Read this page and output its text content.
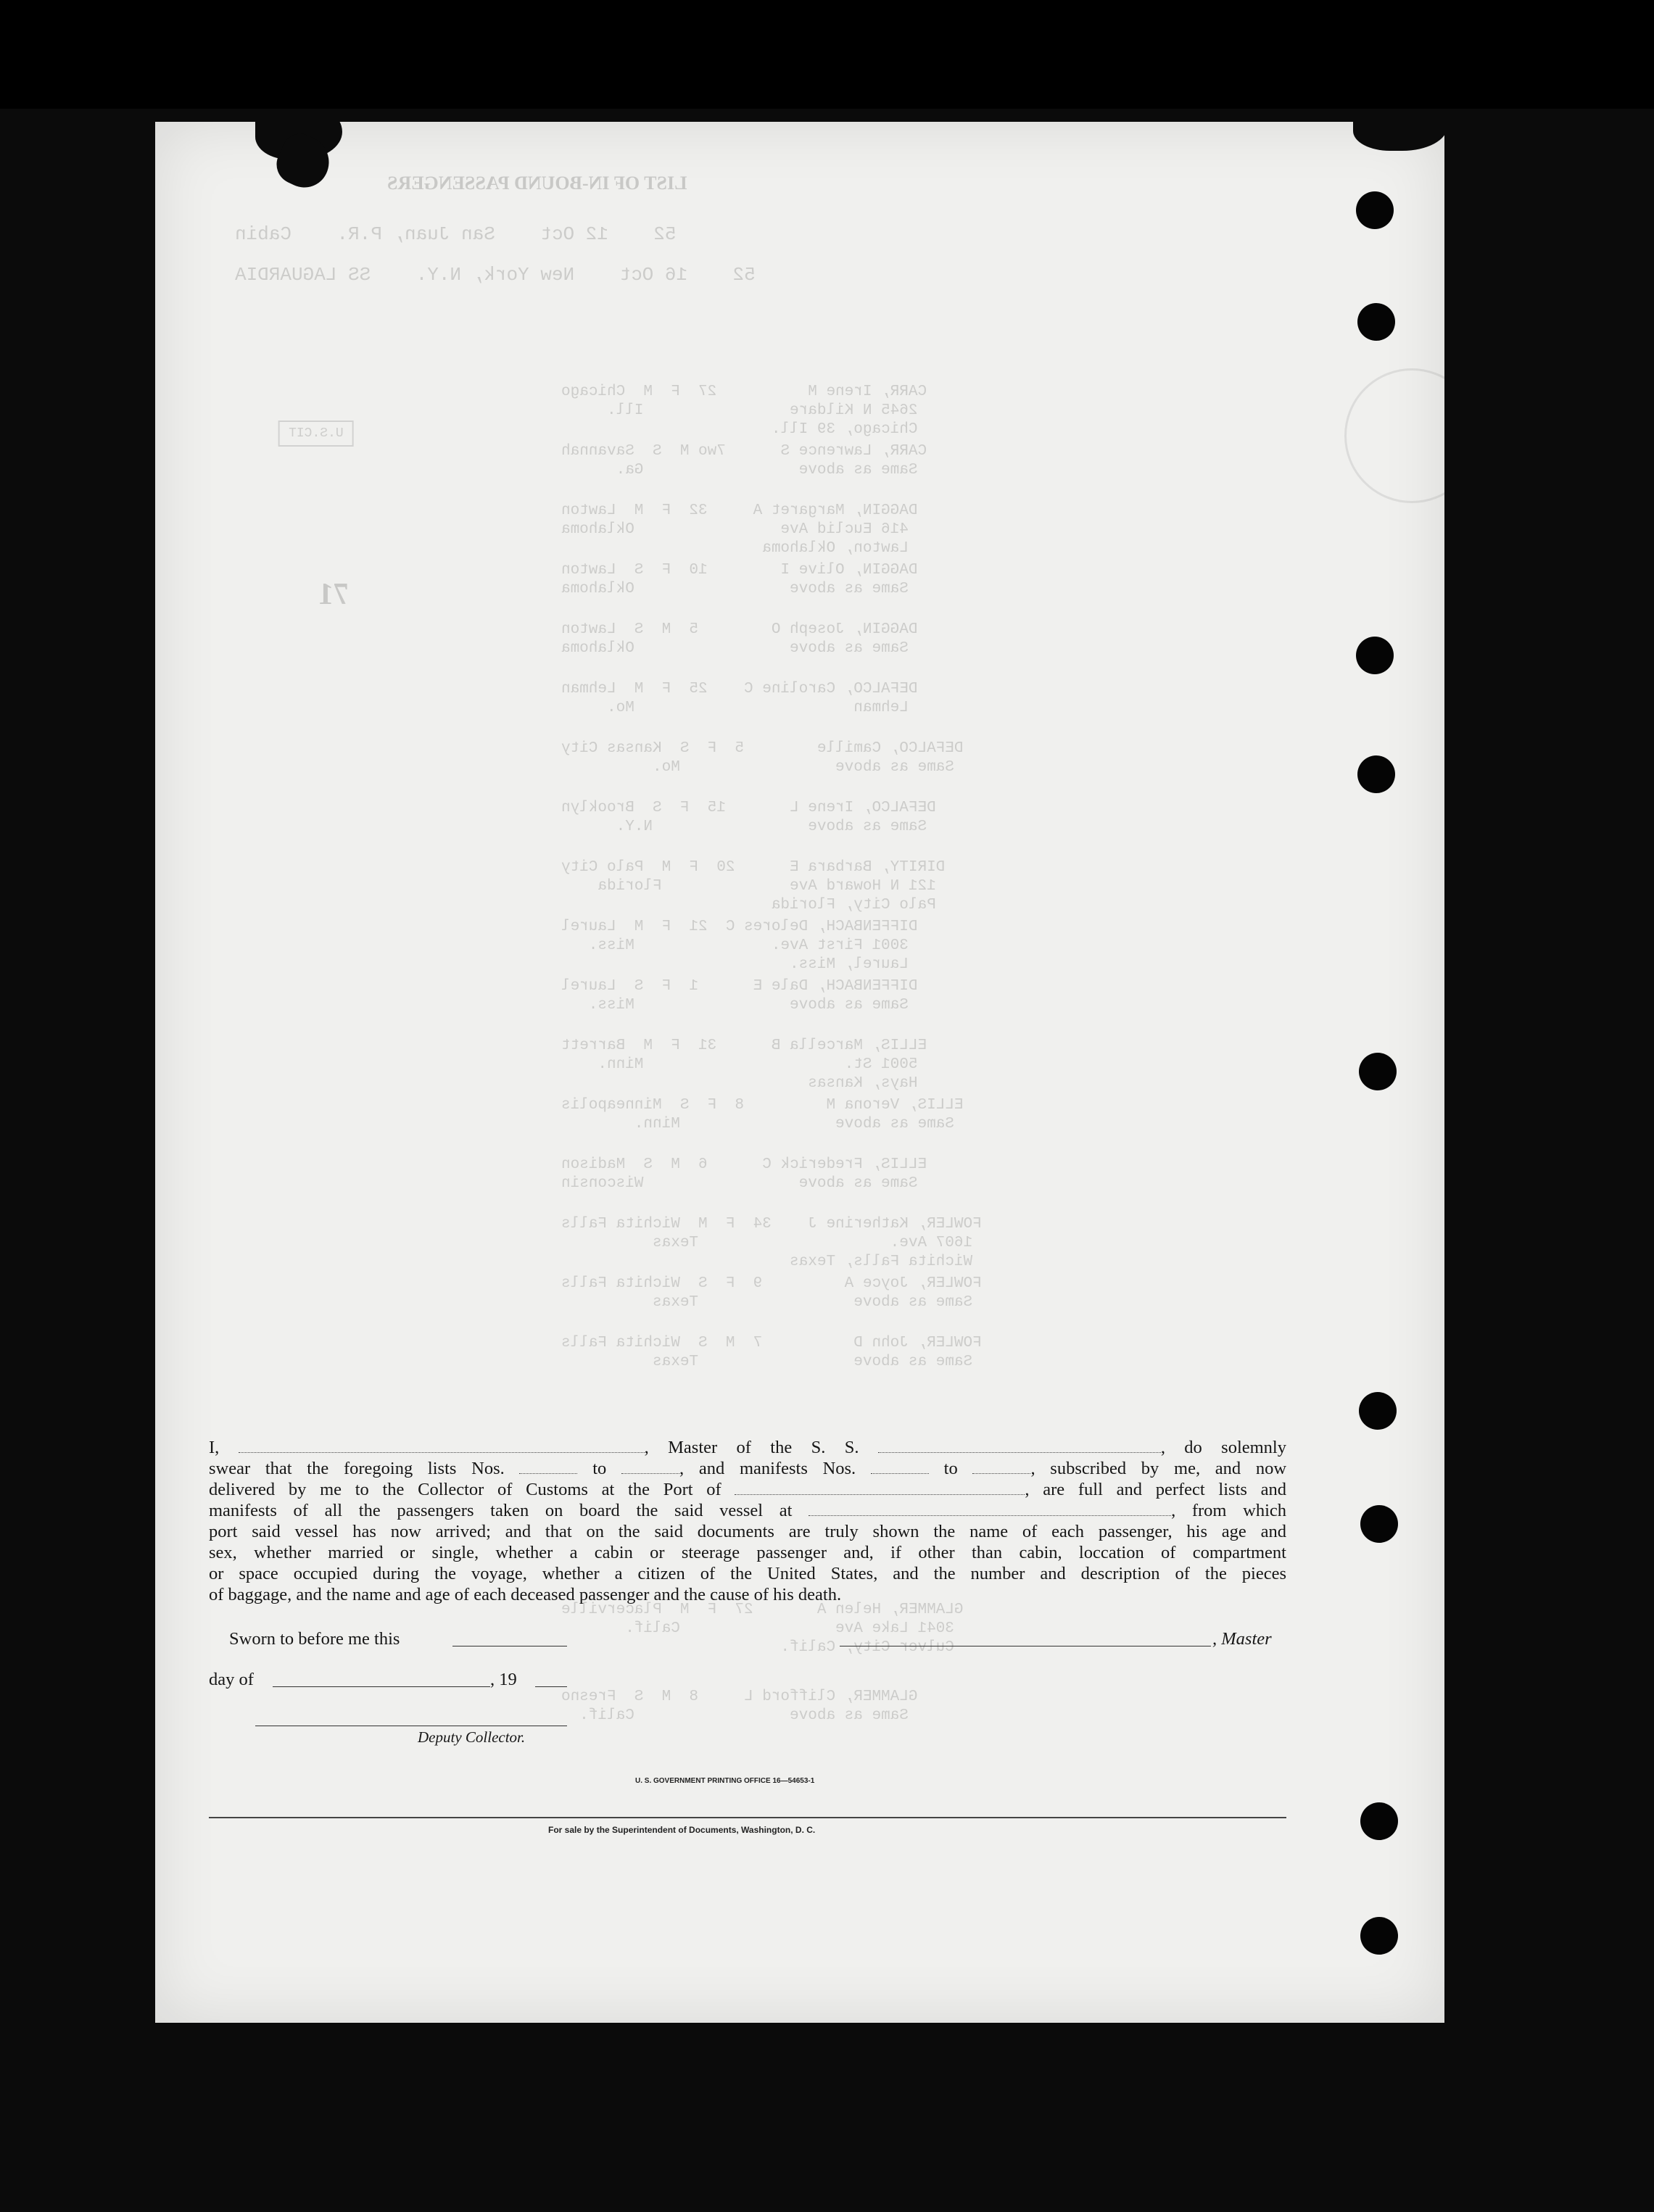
LIST OF IN-BOUND PASSENGERS
52    12 Oct    San Juan, P.R.    Cabin
52    16 Oct    New York, N.Y.    SS LAGUARDIA
U.S.CIT
71
CARR, Irene M          27  F  M  Chicago
2645 N Kildare                Ill.
Chicago, 39 Ill.
CARR, Lawrence S      7wo M  S  Savannah
Same as above                 Ga.
DAGGIN, Margaret A     32  F  M  Lawton
416 Euclid Ave                Oklahoma
Lawton, Oklahoma
DAGGIN, Olive I        10  F  S  Lawton
Same as above                 Oklahoma
DAGGIN, Joseph O        5  M  S  Lawton
Same as above                 Oklahoma
DEFALCO, Caroline C    25  F  M  Lehman
Lehman                        Mo.
DEFALCO, Camille        5  F  S  Kansas City
Same as above                 Mo.
DEFALCO, Irene L       15  F  S  Brooklyn
Same as above                 N.Y.
DIRITY, Barbara E      20  F  M  Palo City
121 N Howard Ave              Florida
Palo City, Florida
DIFFENBACH, Delores C  21  F  M  Laurel
3001 First Ave.               Miss.
Laurel, Miss.
DIFFENBACH, Dale E      1  F  S  Laurel
Same as above                 Miss.
ELLIS, Marcella B      31  F  M  Barrett
5001 St.                      Minn.
Hays, Kansas
ELLIS, Verona M         8  F  S  Minneapolis
Same as above                 Minn.
ELLIS, Frederick C      6  M  S  Madison
Same as above                 Wisconsin
FOWLER, Katherine J    34  F  M  Wichita Falls
1607 Ave.                     Texas
Wichita Falls, Texas
FOWLER, Joyce A         9  F  S  Wichita Falls
Same as above                 Texas
FOWLER, John D          7  M  S  Wichita Falls
Same as above                 Texas
GLAMMER, Helen A       27  F  M  Placerville
3041 Lake Ave                 Calif.
Culver City, Calif.
GLAMMER, Clifford L     8  M  S  Fresno
Same as above                 Calif.
I,	, Master of the S. S.	, do solemnly
swear that the foregoing lists Nos.	to	, and manifests Nos.	to	, subscribed by me, and now
delivered by me to the Collector of Customs at the Port of	, are full and perfect lists and
manifests of all the passengers taken on board the said vessel at	, from which
port said vessel has now arrived; and that on the said documents are truly shown the name of each passenger, his age and
sex, whether married or single, whether a cabin or steerage passenger and, if other than cabin, loccation of compartment
or space occupied during the voyage, whether a citizen of the United States, and the number and description of the pieces
of baggage, and the name and age of each deceased passenger and the cause of his death.
Sworn to before me this	, Master
day of	, 19
Deputy Collector.
U. S. GOVERNMENT PRINTING OFFICE 16—54653-1
For sale by the Superintendent of Documents, Washington, D. C.
